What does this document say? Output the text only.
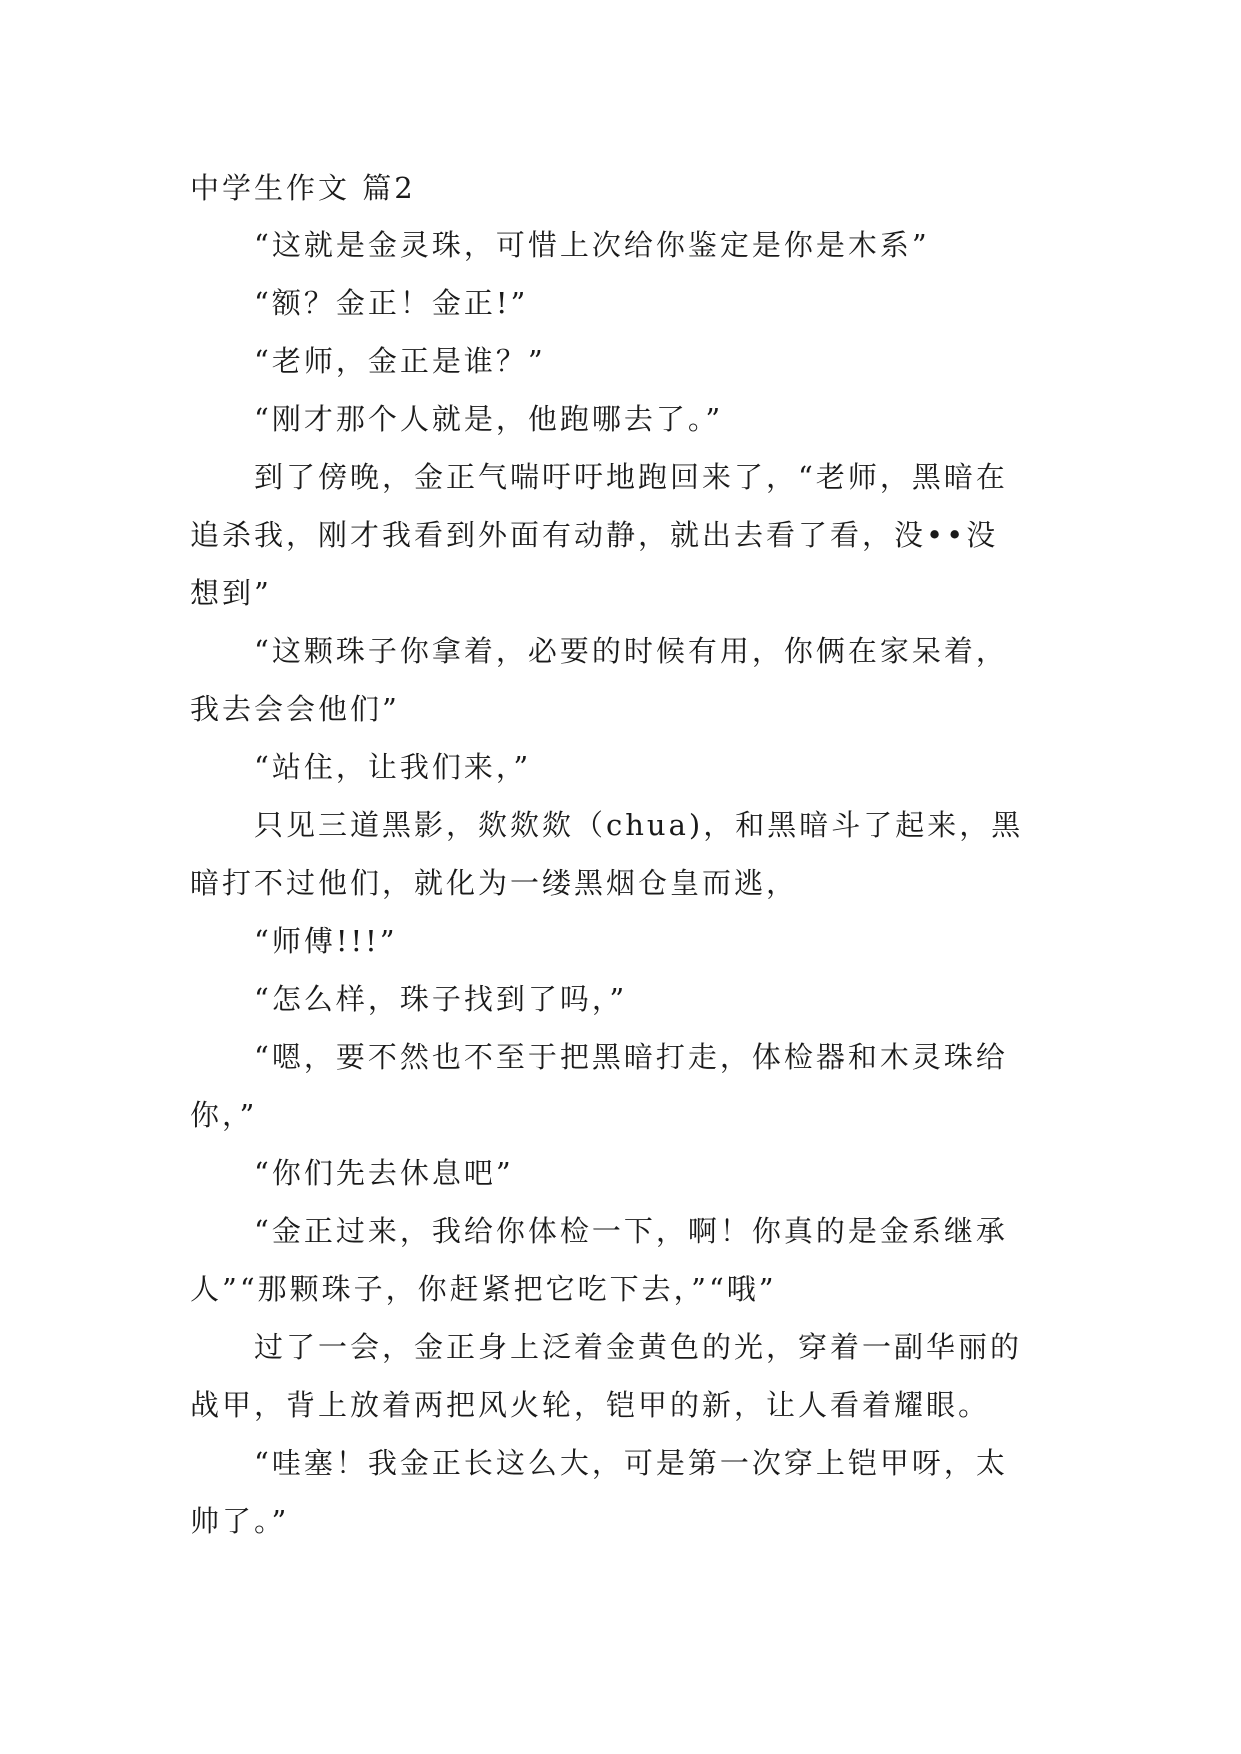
中学生作文 篇2

“这就是金灵珠，可惜上次给你鉴定是你是木系”

“额？金正！金正!”

“老师，金正是谁？”

“刚才那个人就是，他跑哪去了。”

到了傍晚，金正气喘吁吁地跑回来了，“老师，黑暗在
追杀我，刚才我看到外面有动静，就出去看了看，没••没
想到”

“这颗珠子你拿着，必要的时候有用，你俩在家呆着，
我去会会他们”

“站住，让我们来，”

只见三道黑影，欻欻欻（chua)，和黑暗斗了起来，黑
暗打不过他们，就化为一缕黑烟仓皇而逃，

“师傅!!!”

“怎么样，珠子找到了吗，”

“嗯，要不然也不至于把黑暗打走，体检器和木灵珠给
你，”

“你们先去休息吧”

“金正过来，我给你体检一下，啊！你真的是金系继承
人”“那颗珠子，你赶紧把它吃下去，”“哦”

过了一会，金正身上泛着金黄色的光，穿着一副华丽的
战甲，背上放着两把风火轮，铠甲的新，让人看着耀眼。

“哇塞！我金正长这么大，可是第一次穿上铠甲呀，太
帅了。”
